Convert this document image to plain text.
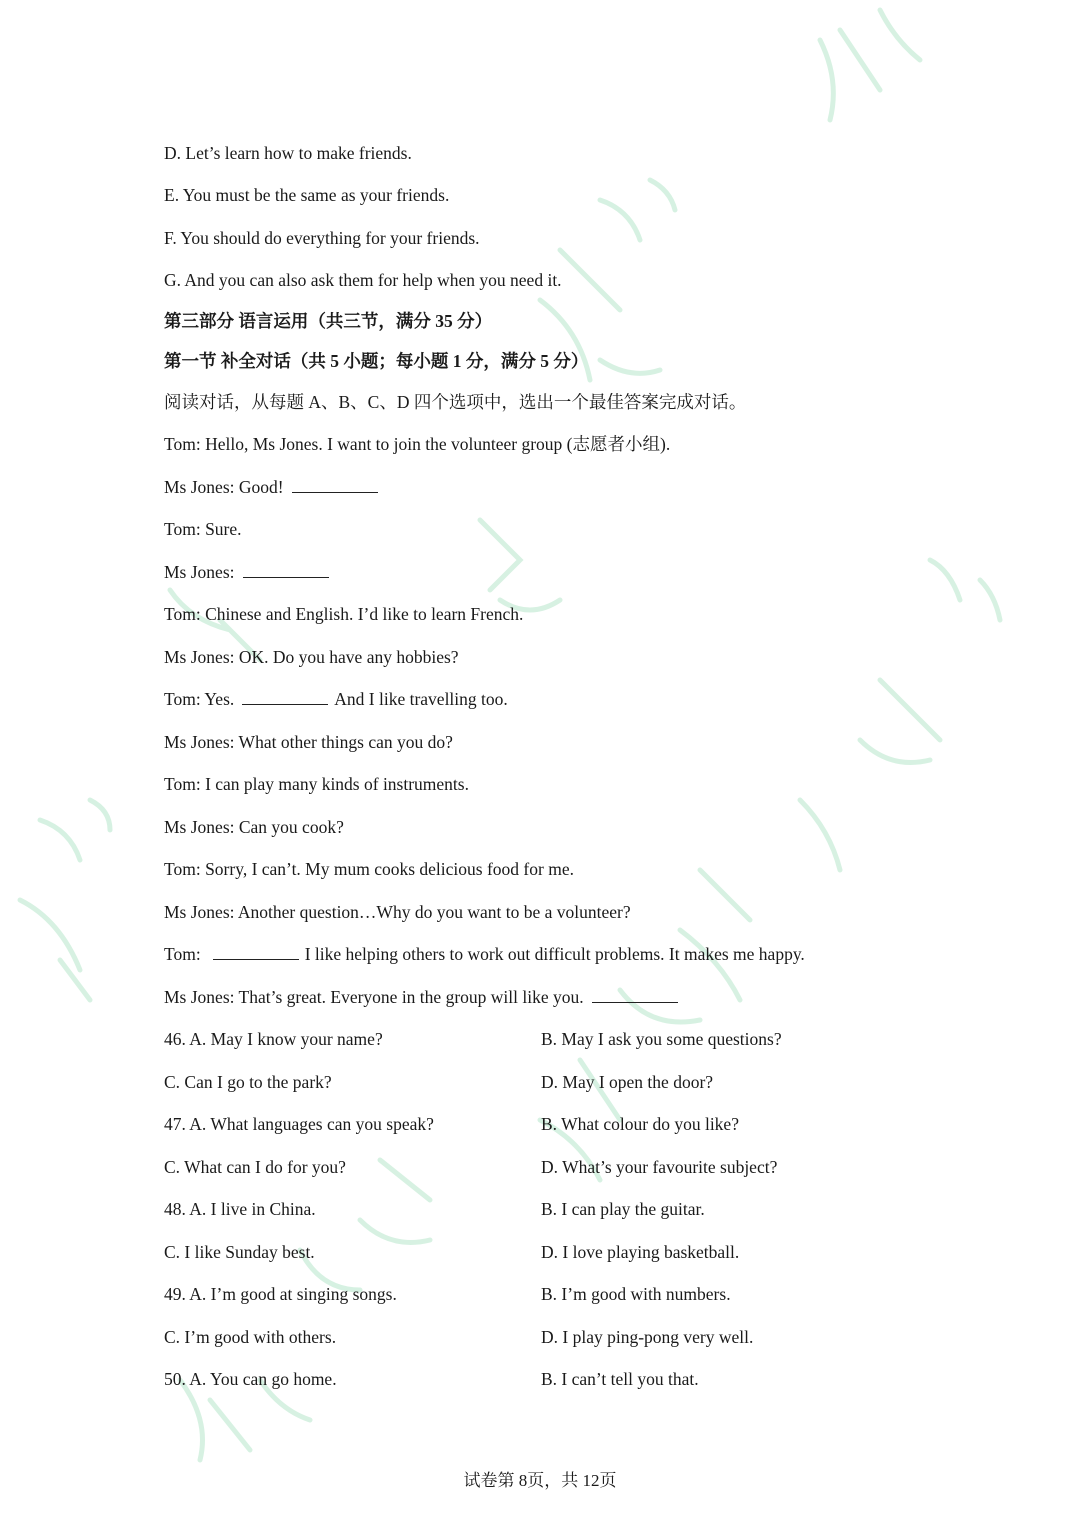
D. Let’s learn how to make friends.
E. You must be the same as your friends.
F. You should do everything for your friends.
G. And you can also ask them for help when you need it.
第三部分 语言运用（共三节，满分 35 分）
第一节 补全对话（共 5 小题；每小题 1 分，满分 5 分）
阅读对话，从每题 A、B、C、D 四个选项中，选出一个最佳答案完成对话。
Tom: Hello, Ms Jones. I want to join the volunteer group (志愿者小组).
Ms Jones: Good!
Tom: Sure.
Ms Jones:
Tom: Chinese and English. I’d like to learn French.
Ms Jones: OK. Do you have any hobbies?
Tom: Yes.	And I like travelling too.
Ms Jones: What other things can you do?
Tom: I can play many kinds of instruments.
Ms Jones: Can you cook?
Tom: Sorry, I can’t. My mum cooks delicious food for me.
Ms Jones: Another question…Why do you want to be a volunteer?
Tom:	I like helping others to work out difficult problems. It makes me happy.
Ms Jones: That’s great. Everyone in the group will like you.
46. A. May I know your name?	B. May I ask you some questions?
C. Can I go to the park?	D. May I open the door?
47. A. What languages can you speak?	B. What colour do you like?
C. What can I do for you?	D. What’s your favourite subject?
48. A. I live in China.	B. I can play the guitar.
C. I like Sunday best.	D. I love playing basketball.
49. A. I’m good at singing songs.	B. I’m good with numbers.
C. I’m good with others.	D. I play ping-pong very well.
50. A. You can go home.	B. I can’t tell you that.
试卷第 8页，共 12页
